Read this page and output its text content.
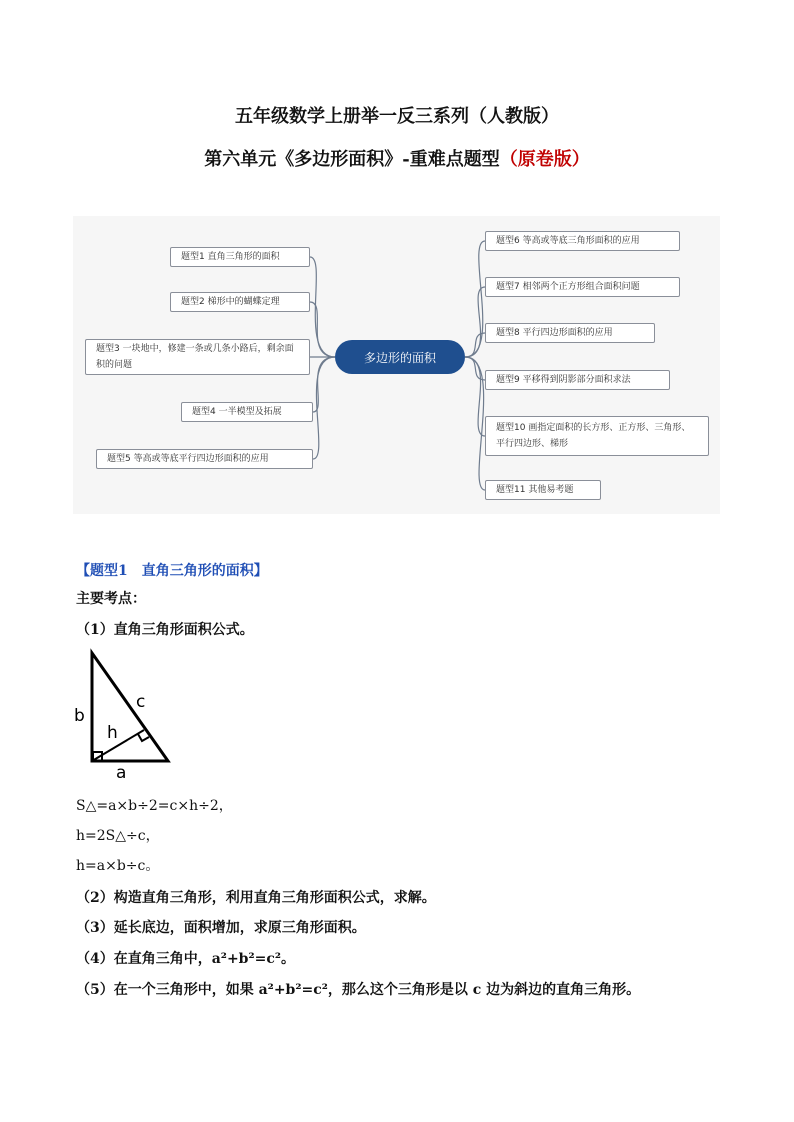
五年级数学上册举一反三系列（人教版）
第六单元《多边形面积》-重难点题型（原卷版）
多边形的面积
题型1 直角三角形的面积
题型2 梯形中的蝴蝶定理
题型3 一块地中，修建一条或几条小路后，剩余面积的问题
题型4 一半模型及拓展
题型5 等高或等底平行四边形面积的应用
题型6 等高或等底三角形面积的应用
题型7 相邻两个正方形组合面积问题
题型8 平行四边形面积的应用
题型9 平移得到阴影部分面积求法
题型10 画指定面积的长方形、正方形、三角形、平行四边形、梯形
题型11 其他易考题
【题型1　直角三角形的面积】
主要考点：
（1）直角三角形面积公式。
b
c
h
a
S△=a×b÷2=c×h÷2，
h=2S△÷c，
h=a×b÷c。
（2）构造直角三角形，利用直角三角形面积公式，求解。
（3）延长底边，面积增加，求原三角形面积。
（4）在直角三角中，a²+b²=c²。
（5）在一个三角形中，如果 a²+b²=c²，那么这个三角形是以 c 边为斜边的直角三角形。
